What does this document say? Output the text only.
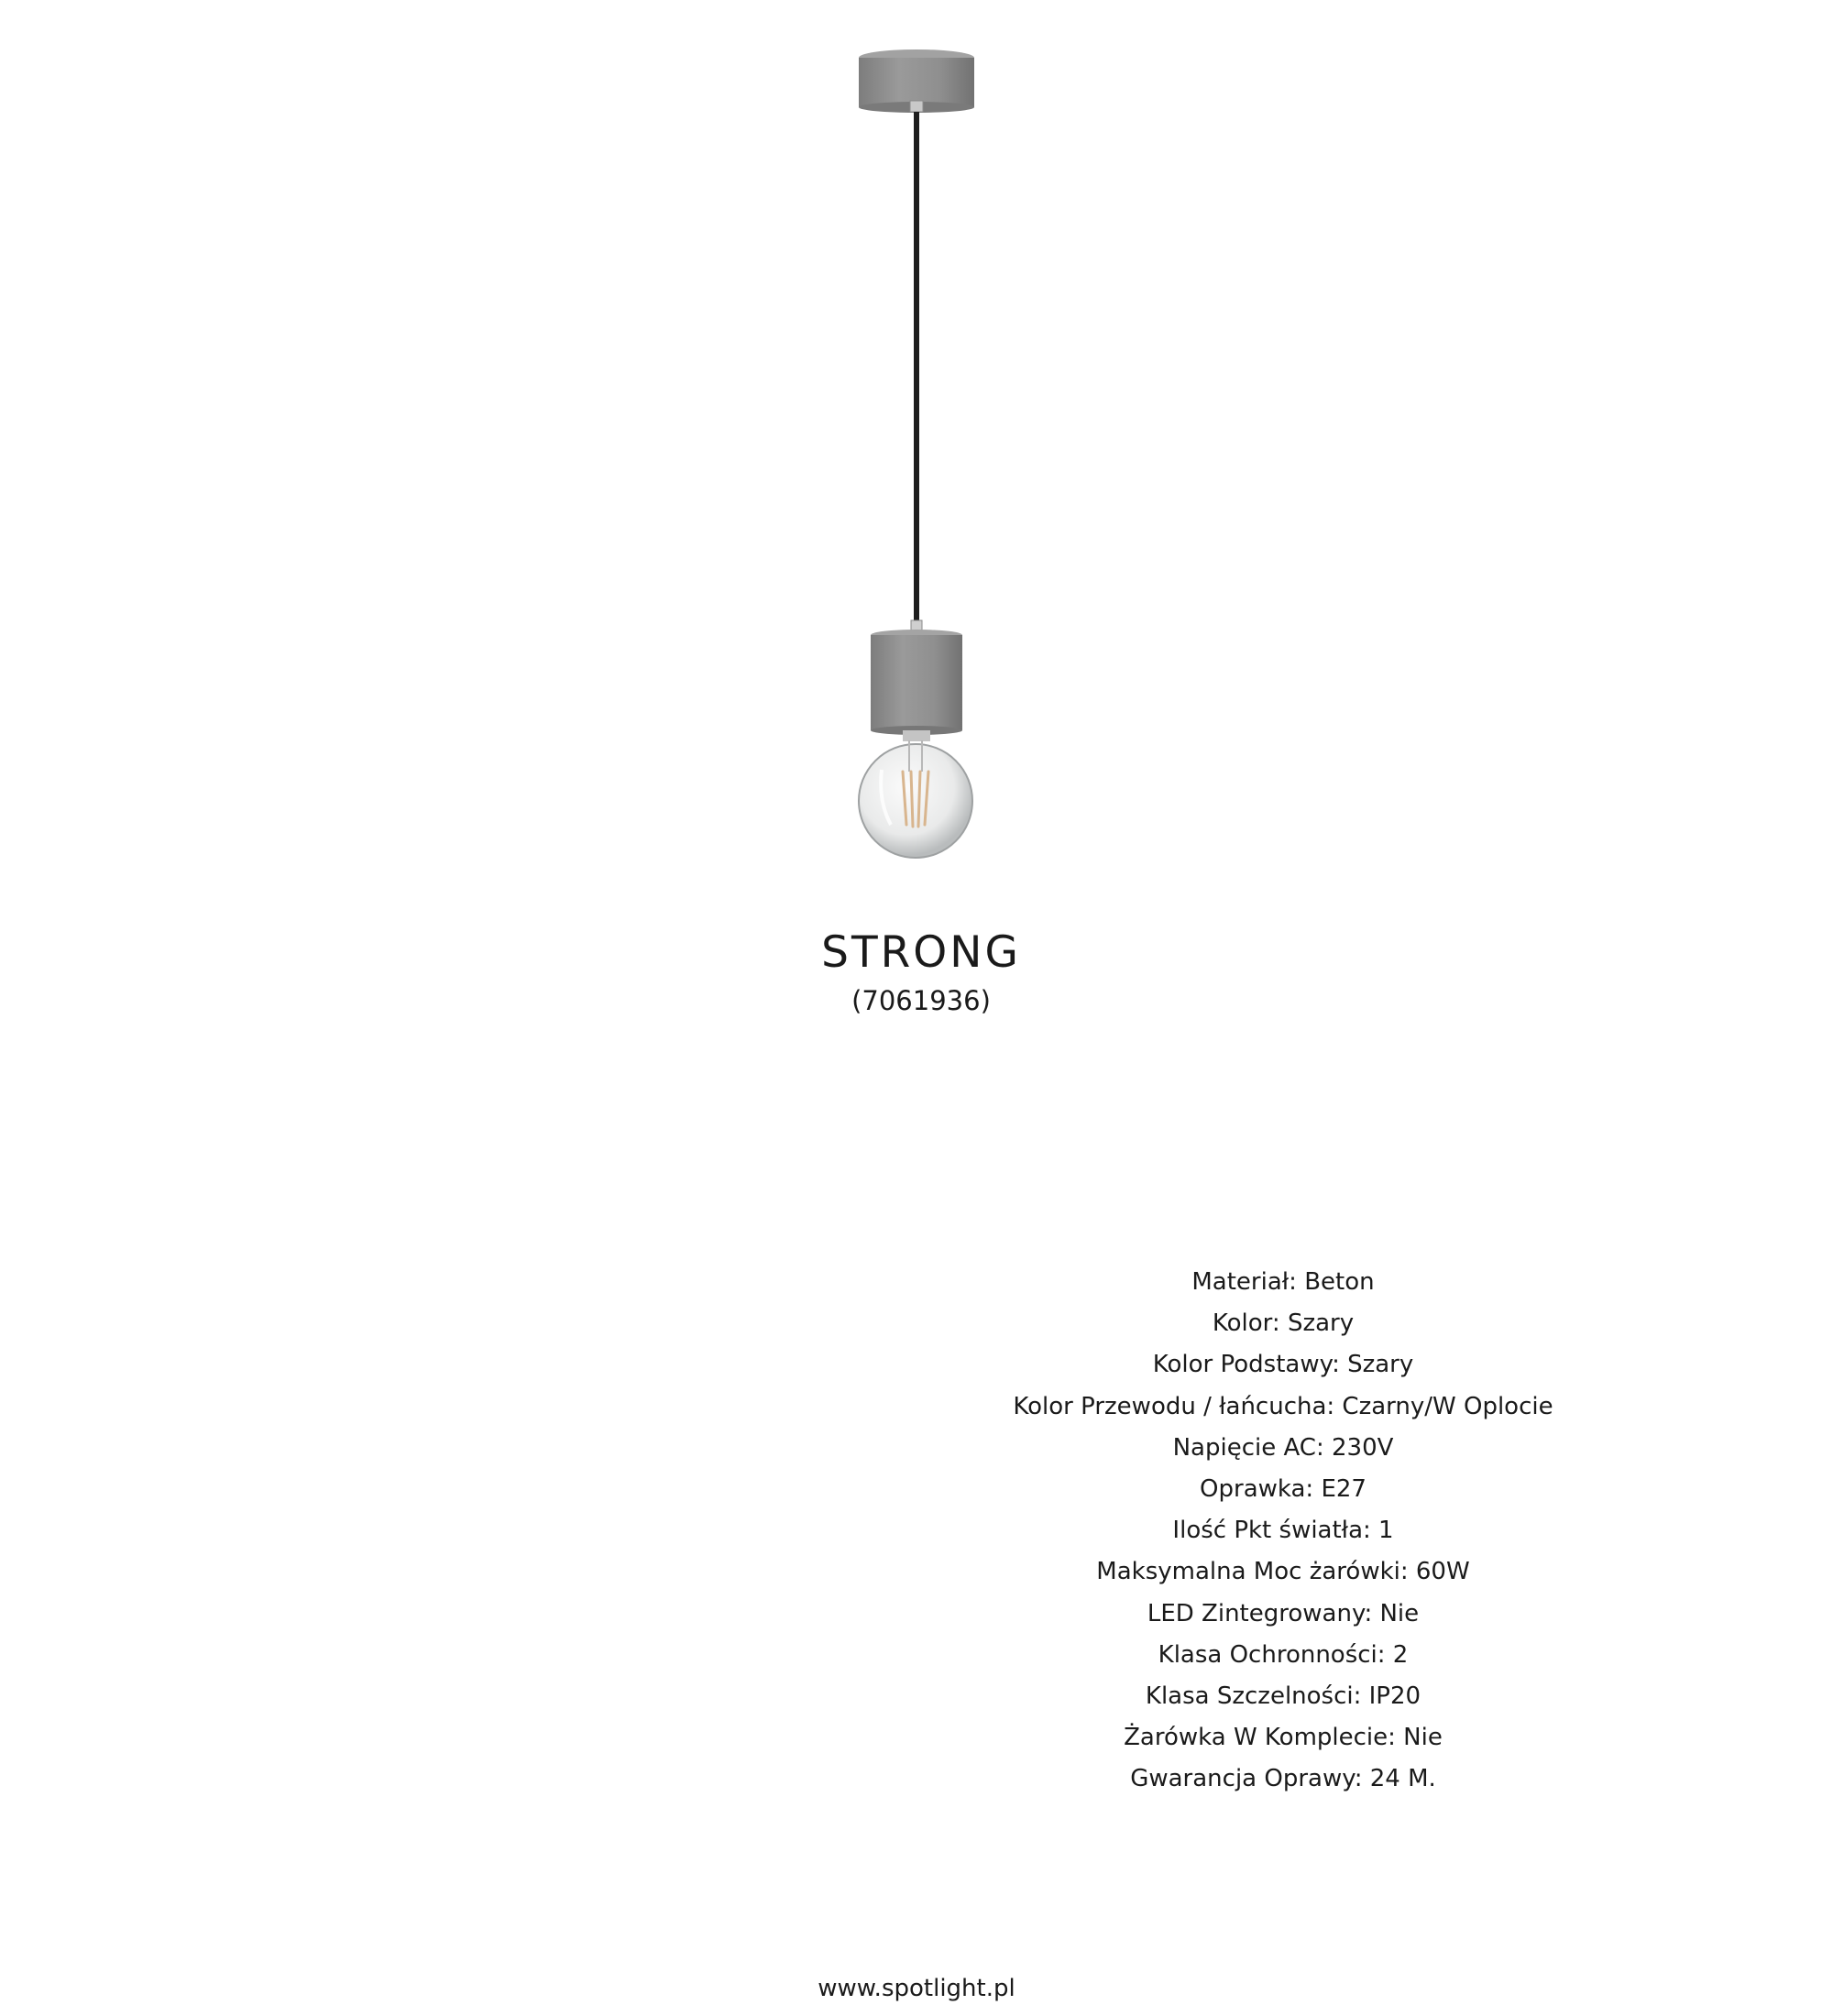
STRONG
(7061936)
Materiał: Beton
Kolor: Szary
Kolor Podstawy: Szary
Kolor Przewodu / łańcucha: Czarny/W Oplocie
Napięcie AC: 230V
Oprawka: E27
Ilość Pkt światła: 1
Maksymalna Moc żarówki: 60W
LED Zintegrowany: Nie
Klasa Ochronności: 2
Klasa Szczelności: IP20
Żarówka W Komplecie: Nie
Gwarancja Oprawy: 24 M.
www.spotlight.pl
